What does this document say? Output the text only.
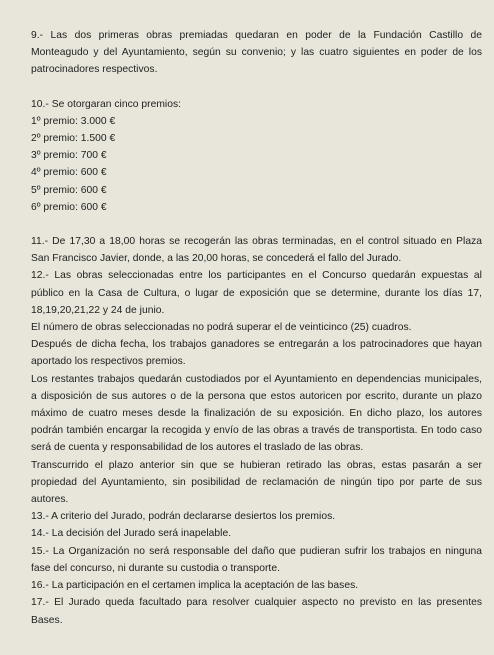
9.- Las dos primeras obras premiadas quedaran en poder de la Fundación Castillo de Monteagudo y del Ayuntamiento, según su convenio; y las cuatro siguientes en poder de los patrocinadores respectivos.

10.- Se otorgaran cinco premios:

1º premio: 3.000 €

2º premio: 1.500 €

3º premio: 700 €

4º premio: 600 €

5º premio: 600 €

6º premio: 600 €

11.- De 17,30 a 18,00 horas se recogerán las obras terminadas, en el control situado en Plaza San Francisco Javier, donde, a las 20,00 horas, se concederá el fallo del Jurado.

12.- Las obras seleccionadas entre los participantes en el Concurso quedarán expuestas al público en la Casa de Cultura, o lugar de exposición que se determine, durante los días 17, 18,19,20,21,22 y 24 de junio.

El número de obras seleccionadas no podrá superar el de veinticinco (25) cuadros.

Después de dicha fecha, los trabajos ganadores se entregarán a los patrocinadores que hayan aportado los respectivos premios.

Los restantes trabajos quedarán custodiados por el Ayuntamiento en dependencias municipales, a disposición de sus autores o de la persona que estos autoricen por escrito, durante un plazo máximo de cuatro meses desde la finalización de su exposición. En dicho plazo, los autores podrán también encargar la recogida y envío de las obras a través de transportista. En todo caso será de cuenta y responsabilidad de los autores el traslado de las obras.

Transcurrido el plazo anterior sin que se hubieran retirado las obras, estas pasarán a ser propiedad del Ayuntamiento, sin posibilidad de reclamación de ningún tipo por parte de sus autores.

13.- A criterio del Jurado, podrán declararse desiertos los premios.

14.- La decisión del Jurado será inapelable.

15.- La Organización no será responsable del daño que pudieran sufrir los trabajos en ninguna fase del concurso, ni durante su custodia o transporte.

16.- La participación en el certamen implica la aceptación de las bases.

17.- El Jurado queda facultado para resolver cualquier aspecto no previsto en las presentes Bases.
